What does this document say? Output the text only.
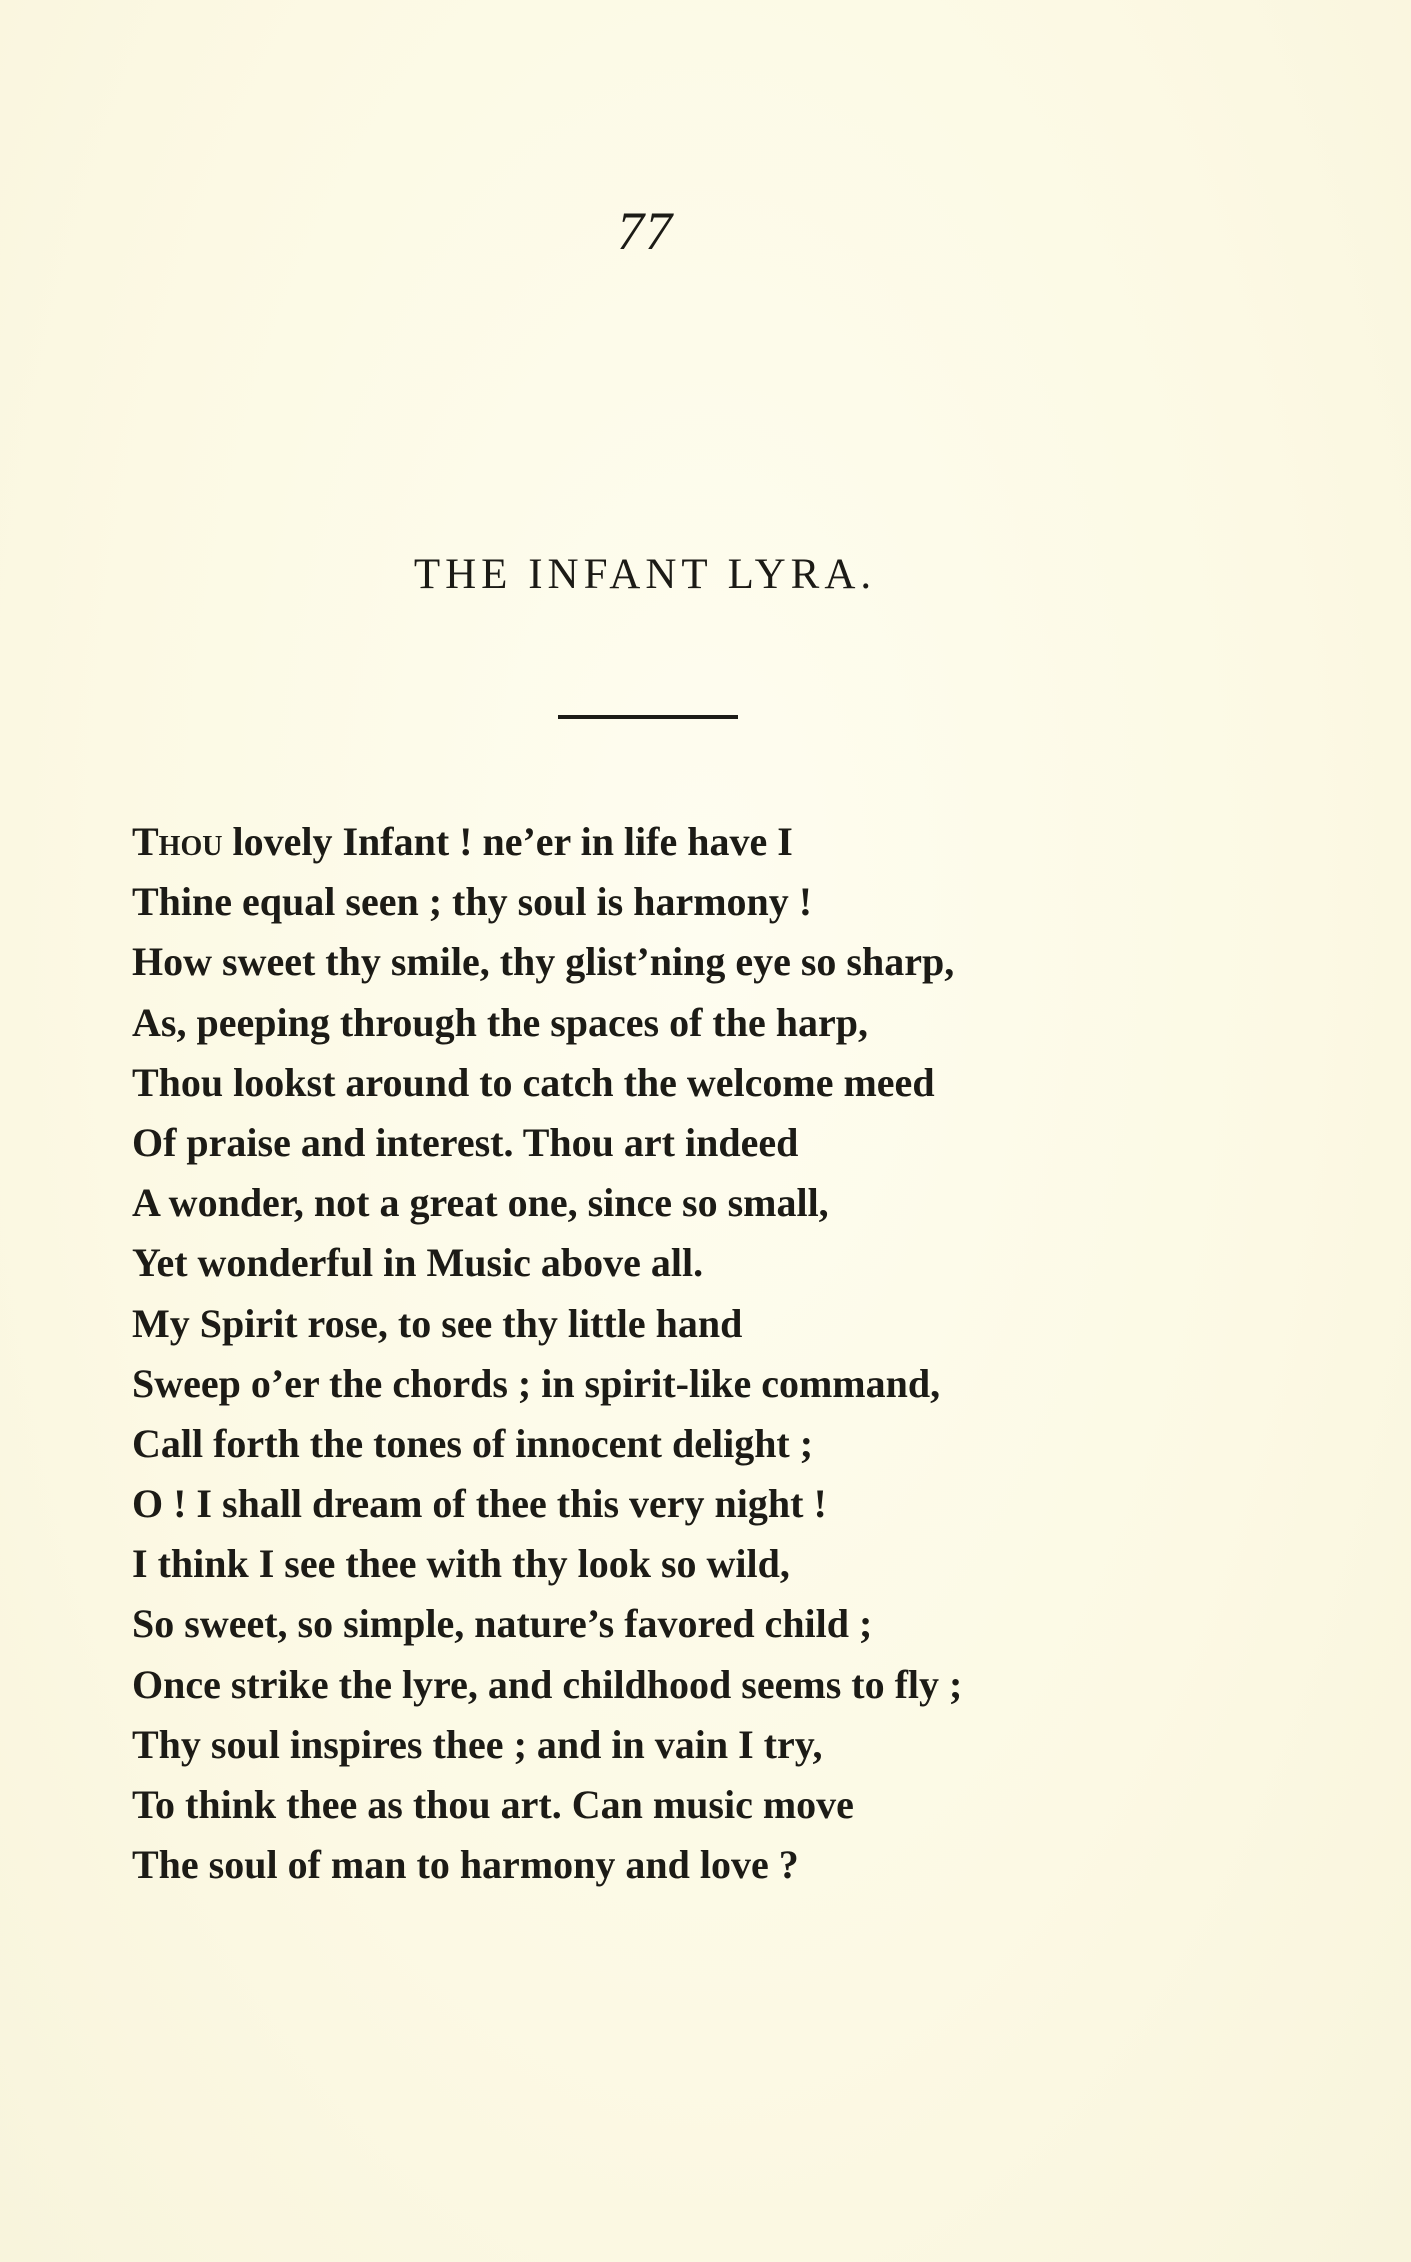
77
THE INFANT LYRA.
Thou lovely Infant ! ne’er in life have I
Thine equal seen ; thy soul is harmony !
How sweet thy smile, thy glist’ning eye so sharp,
As, peeping through the spaces of the harp,
Thou lookst around to catch the welcome meed
Of praise and interest. Thou art indeed
A wonder, not a great one, since so small,
Yet wonderful in Music above all.
My Spirit rose, to see thy little hand
Sweep o’er the chords ; in spirit-like command,
Call forth the tones of innocent delight ;
O ! I shall dream of thee this very night !
I think I see thee with thy look so wild,
So sweet, so simple, nature’s favored child ;
Once strike the lyre, and childhood seems to fly ;
Thy soul inspires thee ; and in vain I try,
To think thee as thou art. Can music move
The soul of man to harmony and love ?
